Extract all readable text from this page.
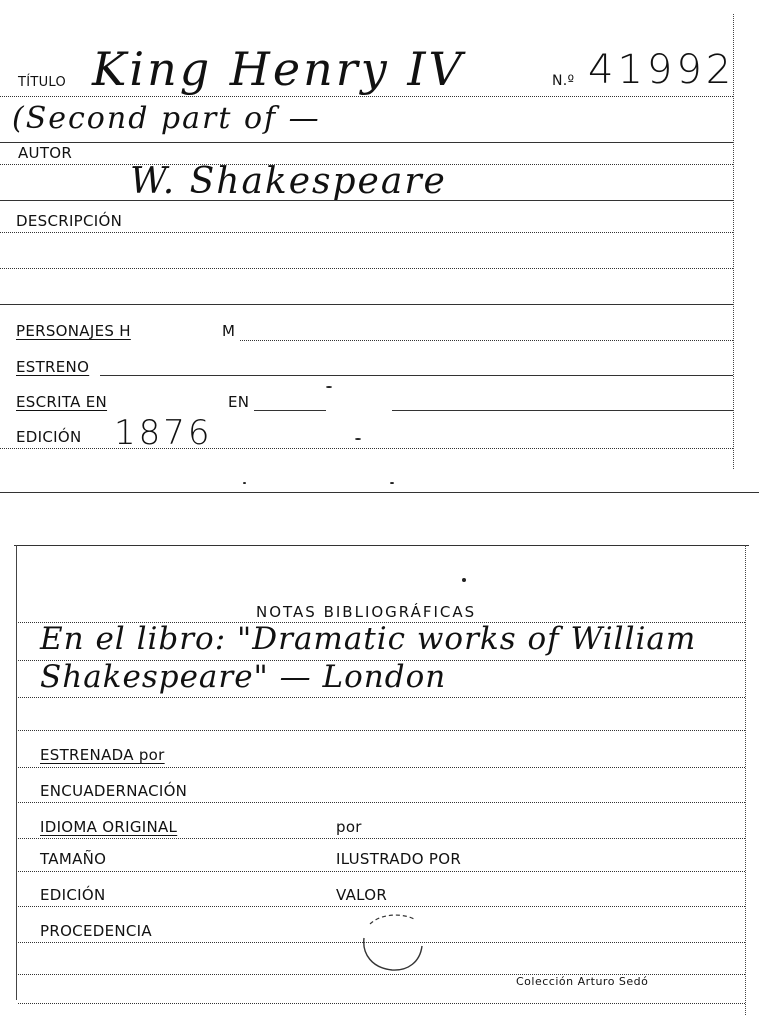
TÍTULO King Henry IV	N.º 41992
(Second part of —
AUTOR
W. Shakespeare
DESCRIPCIÓN
PERSONAJES H	M
ESTRENO
ESCRITA EN	EN
EDICIÓN 1876
NOTAS BIBLIOGRÁFICAS
En el libro: "Dramatic works of William
Shakespeare" — London
ESTRENADA por
ENCUADERNACIÓN
IDIOMA ORIGINAL	por
TAMAÑO	ILUSTRADO POR
EDICIÓN	VALOR
PROCEDENCIA
Colección Arturo Sedó
